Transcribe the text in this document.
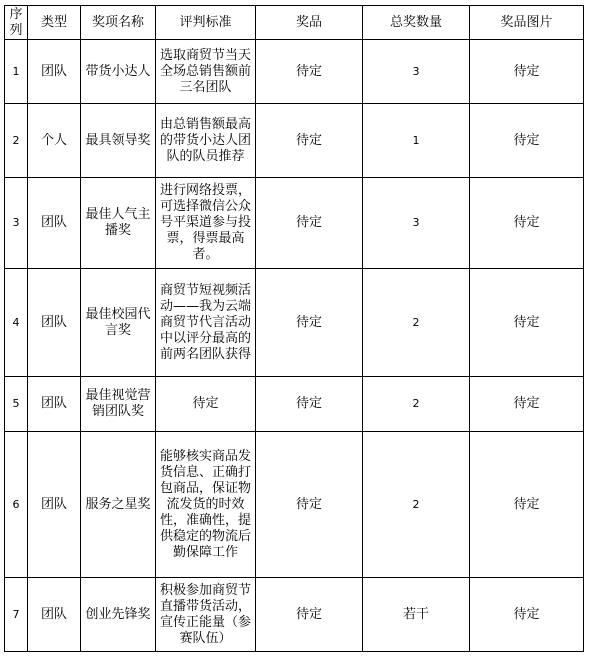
序列	类型	奖项名称	评判标准	奖品	总奖数量	奖品图片
1	团队	带货小达人	选取商贸节当天全场总销售额前三名团队	待定	3	待定
2	个人	最具领导奖	由总销售额最高的带货小达人团队的队员推荐	待定	1	待定
3	团队	最佳人气主播奖	进行网络投票，可选择微信公众号平渠道参与投票，得票最高者。	待定	3	待定
4	团队	最佳校园代言奖	商贸节短视频活动——我为云端商贸节代言活动中以评分最高的前两名团队获得	待定	2	待定
5	团队	最佳视觉营销团队奖	待定	待定	2	待定
6	团队	服务之星奖	能够核实商品发货信息、正确打包商品，保证物流发货的时效性，准确性，提供稳定的物流后勤保障工作	待定	2	待定
7	团队	创业先锋奖	积极参加商贸节直播带货活动，宣传正能量（参赛队伍）	待定	若干	待定
